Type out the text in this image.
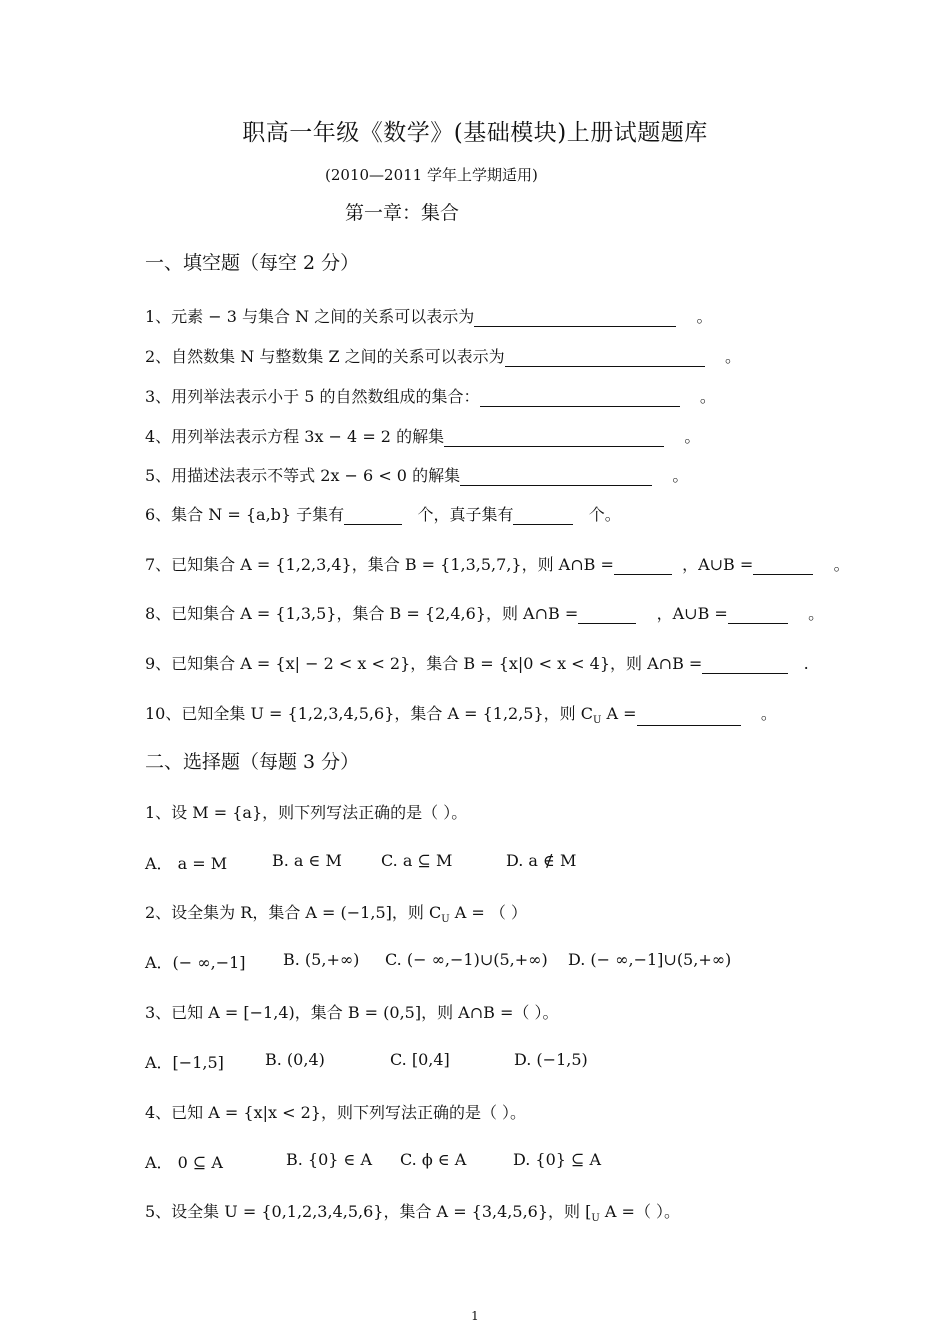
职高一年级《数学》(基础模块)上册试题题库
(2010—2011 学年上学期适用)
第一章：集合
一、填空题（每空 2 分）
1、元素 − 3 与集合 N 之间的关系可以表示为	。
2、自然数集 N 与整数集 Z 之间的关系可以表示为	。
3、用列举法表示小于 5 的自然数组成的集合：	。
4、用列举法表示方程 3x − 4 = 2 的解集	。
5、用描述法表示不等式 2x − 6 < 0 的解集	。
6、集合 N = {a,b} 子集有	个，真子集有	个。
7、已知集合 A = {1,2,3,4}，集合 B = {1,3,5,7,}，则 A∩B =	，A∪B =	。
8、已知集合 A = {1,3,5}，集合 B = {2,4,6}，则 A∩B =	，A∪B =	。
9、已知集合 A = {x| − 2 < x < 2}，集合 B = {x|0 < x < 4}，则 A∩B =	.
10、已知全集 U = {1,2,3,4,5,6}，集合 A = {1,2,5}，则 $C_U$ A =	。
二、选择题（每题 3 分）
1、设 M = {a}，则下列写法正确的是（ ）。
A． a = M	B. a ∈ M C. a ⊆ M	D. a ∉ M
2、设全集为 R，集合 A = (−1,5]，则 $C_U$ A = （ ）
A．(− ∞,−1] B. (5,+∞) C. (− ∞,−1)∪(5,+∞) D. (− ∞,−1]∪(5,+∞)
3、已知 A = [−1,4)，集合 B = (0,5]，则 A∩B =（ ）。
A．[−1,5]	B. (0,4)	C. [0,4]	D. (−1,5)
4、已知 A = {x|x < 2}，则下列写法正确的是（ ）。
A． 0 ⊆ A	B. {0} ∈ A C. ϕ ∈ A	D. {0} ⊆ A
5、设全集 U = {0,1,2,3,4,5,6}，集合 A = {3,4,5,6}，则 [$_U$ A =（ ）。
1
